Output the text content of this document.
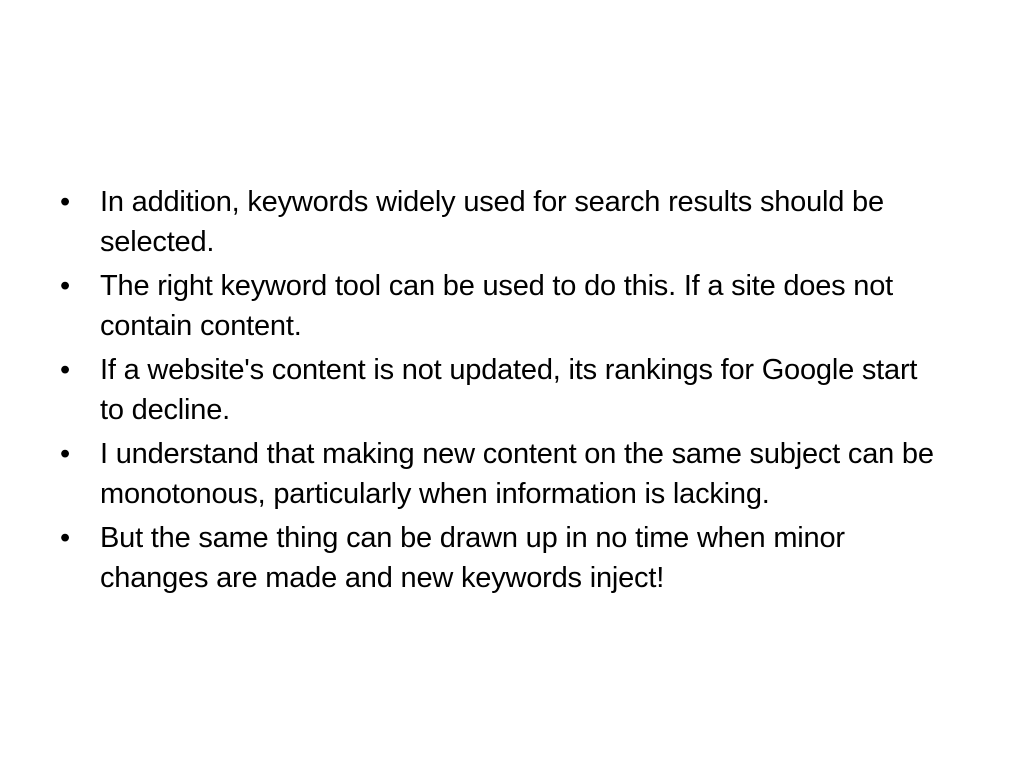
•	In addition, keywords widely used for search results should be selected.
•	The right keyword tool can be used to do this. If a site does not contain content.
•	If a website's content is not updated, its rankings for Google start to decline.
•	I understand that making new content on the same subject can be monotonous, particularly when information is lacking.
•	But the same thing can be drawn up in no time when minor changes are made and new keywords inject!
